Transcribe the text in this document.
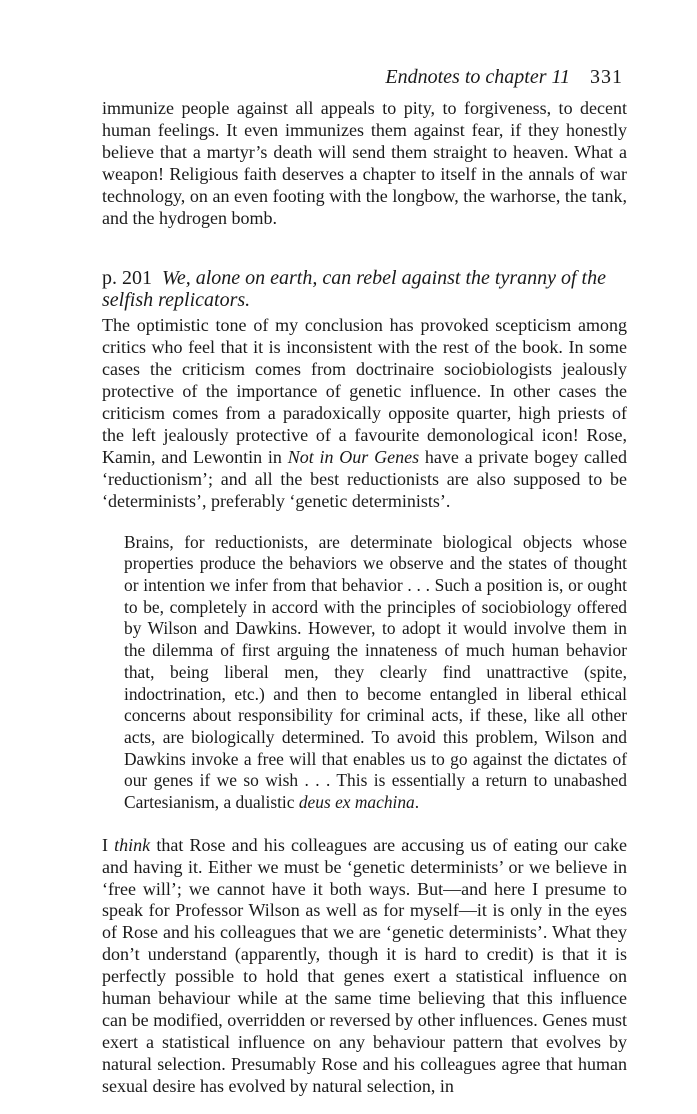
Endnotes to chapter 11 331

immunize people against all appeals to pity, to forgiveness, to decent human feelings. It even immunizes them against fear, if they honestly believe that a martyr’s death will send them straight to heaven. What a weapon! Religious faith deserves a chapter to itself in the annals of war technology, on an even footing with the longbow, the warhorse, the tank, and the hydrogen bomb.

p. 201 We, alone on earth, can rebel against the tyranny of the selfish replicators.

The optimistic tone of my conclusion has provoked scepticism among critics who feel that it is inconsistent with the rest of the book. In some cases the criticism comes from doctrinaire sociobiologists jealously protective of the importance of genetic influence. In other cases the criticism comes from a paradoxically opposite quarter, high priests of the left jealously protective of a favourite demonological icon! Rose, Kamin, and Lewontin in Not in Our Genes have a private bogey called ‘reductionism’; and all the best reductionists are also supposed to be ‘determinists’, preferably ‘genetic determinists’.

Brains, for reductionists, are determinate biological objects whose properties produce the behaviors we observe and the states of thought or intention we infer from that behavior . . . Such a position is, or ought to be, completely in accord with the principles of sociobiology offered by Wilson and Dawkins. However, to adopt it would involve them in the dilemma of first arguing the innateness of much human behavior that, being liberal men, they clearly find unattractive (spite, indoctrination, etc.) and then to become entangled in liberal ethical concerns about responsibility for criminal acts, if these, like all other acts, are biologically determined. To avoid this problem, Wilson and Dawkins invoke a free will that enables us to go against the dictates of our genes if we so wish . . . This is essentially a return to unabashed Cartesianism, a dualistic deus ex machina.

I think that Rose and his colleagues are accusing us of eating our cake and having it. Either we must be ‘genetic determinists’ or we believe in ‘free will’; we cannot have it both ways. But—and here I presume to speak for Professor Wilson as well as for myself—it is only in the eyes of Rose and his colleagues that we are ‘genetic determinists’. What they don’t understand (apparently, though it is hard to credit) is that it is perfectly possible to hold that genes exert a statistical influence on human behaviour while at the same time believing that this influence can be modified, overridden or reversed by other influences. Genes must exert a statistical influence on any behaviour pattern that evolves by natural selection. Presumably Rose and his colleagues agree that human sexual desire has evolved by natural selection, in
